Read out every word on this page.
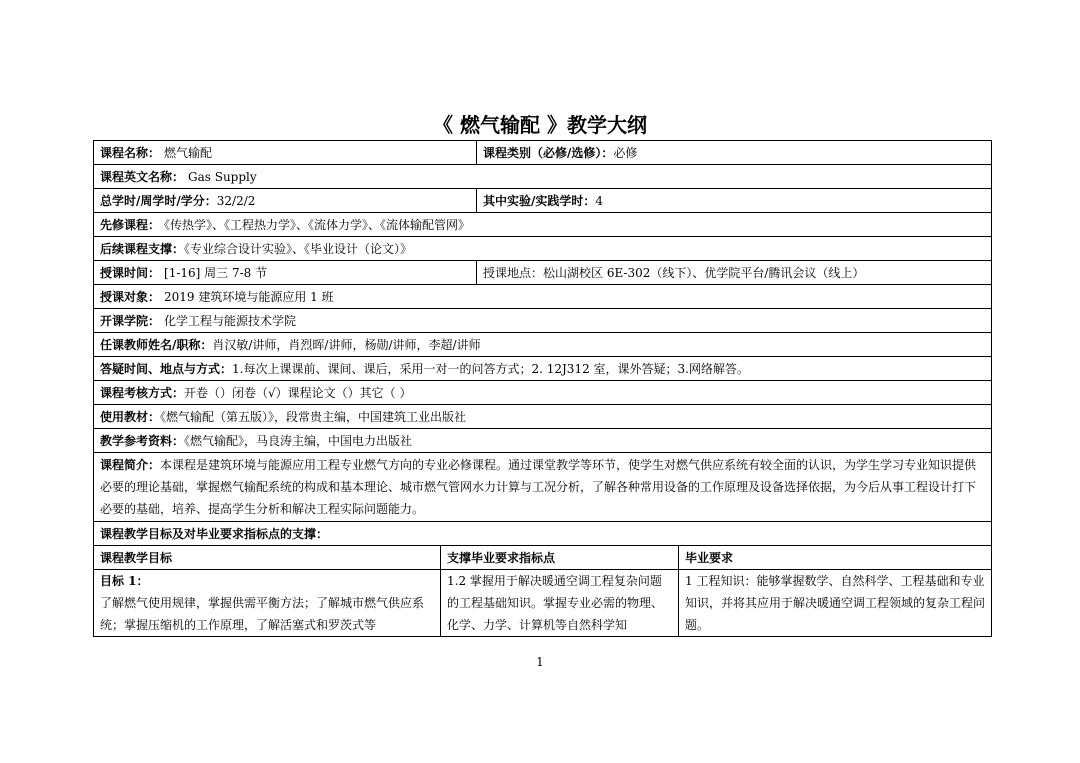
《 燃气输配 》教学大纲
课程名称： 燃气输配		课程类别（必修/选修）：必修	
课程英文名称： Gas Supply			
总学时/周学时/学分：32/2/2		其中实验/实践学时：4	
先修课程： 《传热学》、《工程热力学》、《流体力学》、《流体输配管网》			
后续课程支撑：《专业综合设计实验》、《毕业设计（论文）》			
授课时间： [1-16] 周三 7-8 节		授课地点：松山湖校区 6E-302（线下）、优学院平台/腾讯会议（线上）	
授课对象： 2019 建筑环境与能源应用 1 班			
开课学院： 化学工程与能源技术学院			
任课教师姓名/职称：肖汉敏/讲师，肖烈晖/讲师，杨勋/讲师，李超/讲师			
答疑时间、地点与方式：1.每次上课课前、课间、课后，采用一对一的问答方式；2. 12J312 室，课外答疑；3.网络解答。			
课程考核方式：开卷（）闭卷（√）课程论文（）其它（ ）			
使用教材：《燃气输配（第五版）》，段常贵主编，中国建筑工业出版社			
教学参考资料：《燃气输配》，马良涛主编，中国电力出版社			
课程简介：本课程是建筑环境与能源应用工程专业燃气方向的专业必修课程。通过课堂教学等环节，使学生对燃气供应系统有较全面的认识，为学生学习专业知识提供必要的理论基础，掌握燃气输配系统的构成和基本理论、城市燃气管网水力计算与工况分析，了解各种常用设备的工作原理及设备选择依据，为今后从事工程设计打下必要的基础，培养、提高学生分析和解决工程实际问题能力。			
课程教学目标及对毕业要求指标点的支撑：			
课程教学目标	支撑毕业要求指标点		毕业要求

目标 1：
了解燃气使用规律，掌握供需平衡方法；了解城市燃气供应系统；掌握压缩机的工作原理，了解活塞式和罗茨式等	1.2 掌握用于解决暖通空调工程复杂问题的工程基础知识。掌握专业必需的物理、化学、力学、计算机等自然科学知		1 工程知识：能够掌握数学、自然科学、工程基础和专业知识，并将其应用于解决暖通空调工程领域的复杂工程问题。
1
